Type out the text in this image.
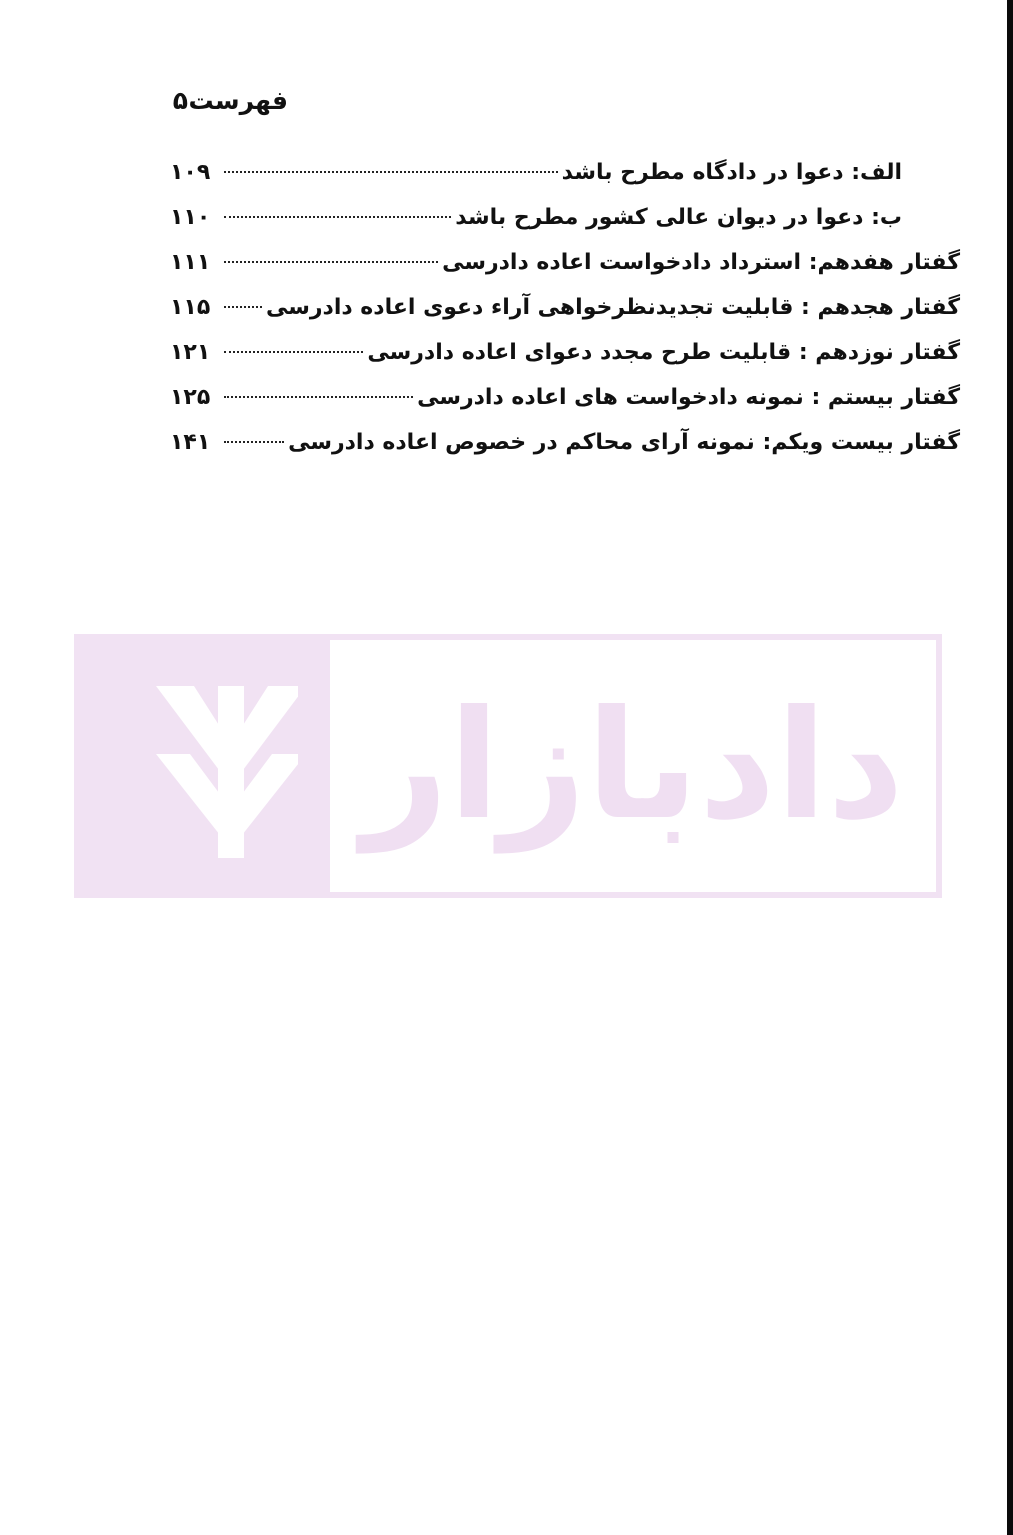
فهرست
۵
الف: دعوا در دادگاه مطرح باشد
۱۰۹
ب: دعوا در دیوان عالی کشور مطرح باشد
۱۱۰
گفتار هفدهم: استرداد دادخواست اعاده دادرسی
۱۱۱
گفتار هجدهم : قابلیت تجدیدنظرخواهی آراء دعوی اعاده دادرسی
۱۱۵
گفتار نوزدهم : قابلیت طرح مجدد دعوای اعاده دادرسی
۱۲۱
گفتار بیستم : نمونه دادخواست های اعاده دادرسی
۱۲۵
گفتار بیست ویکم: نمونه آرای محاکم در خصوص اعاده دادرسی
۱۴۱
دادبازار
